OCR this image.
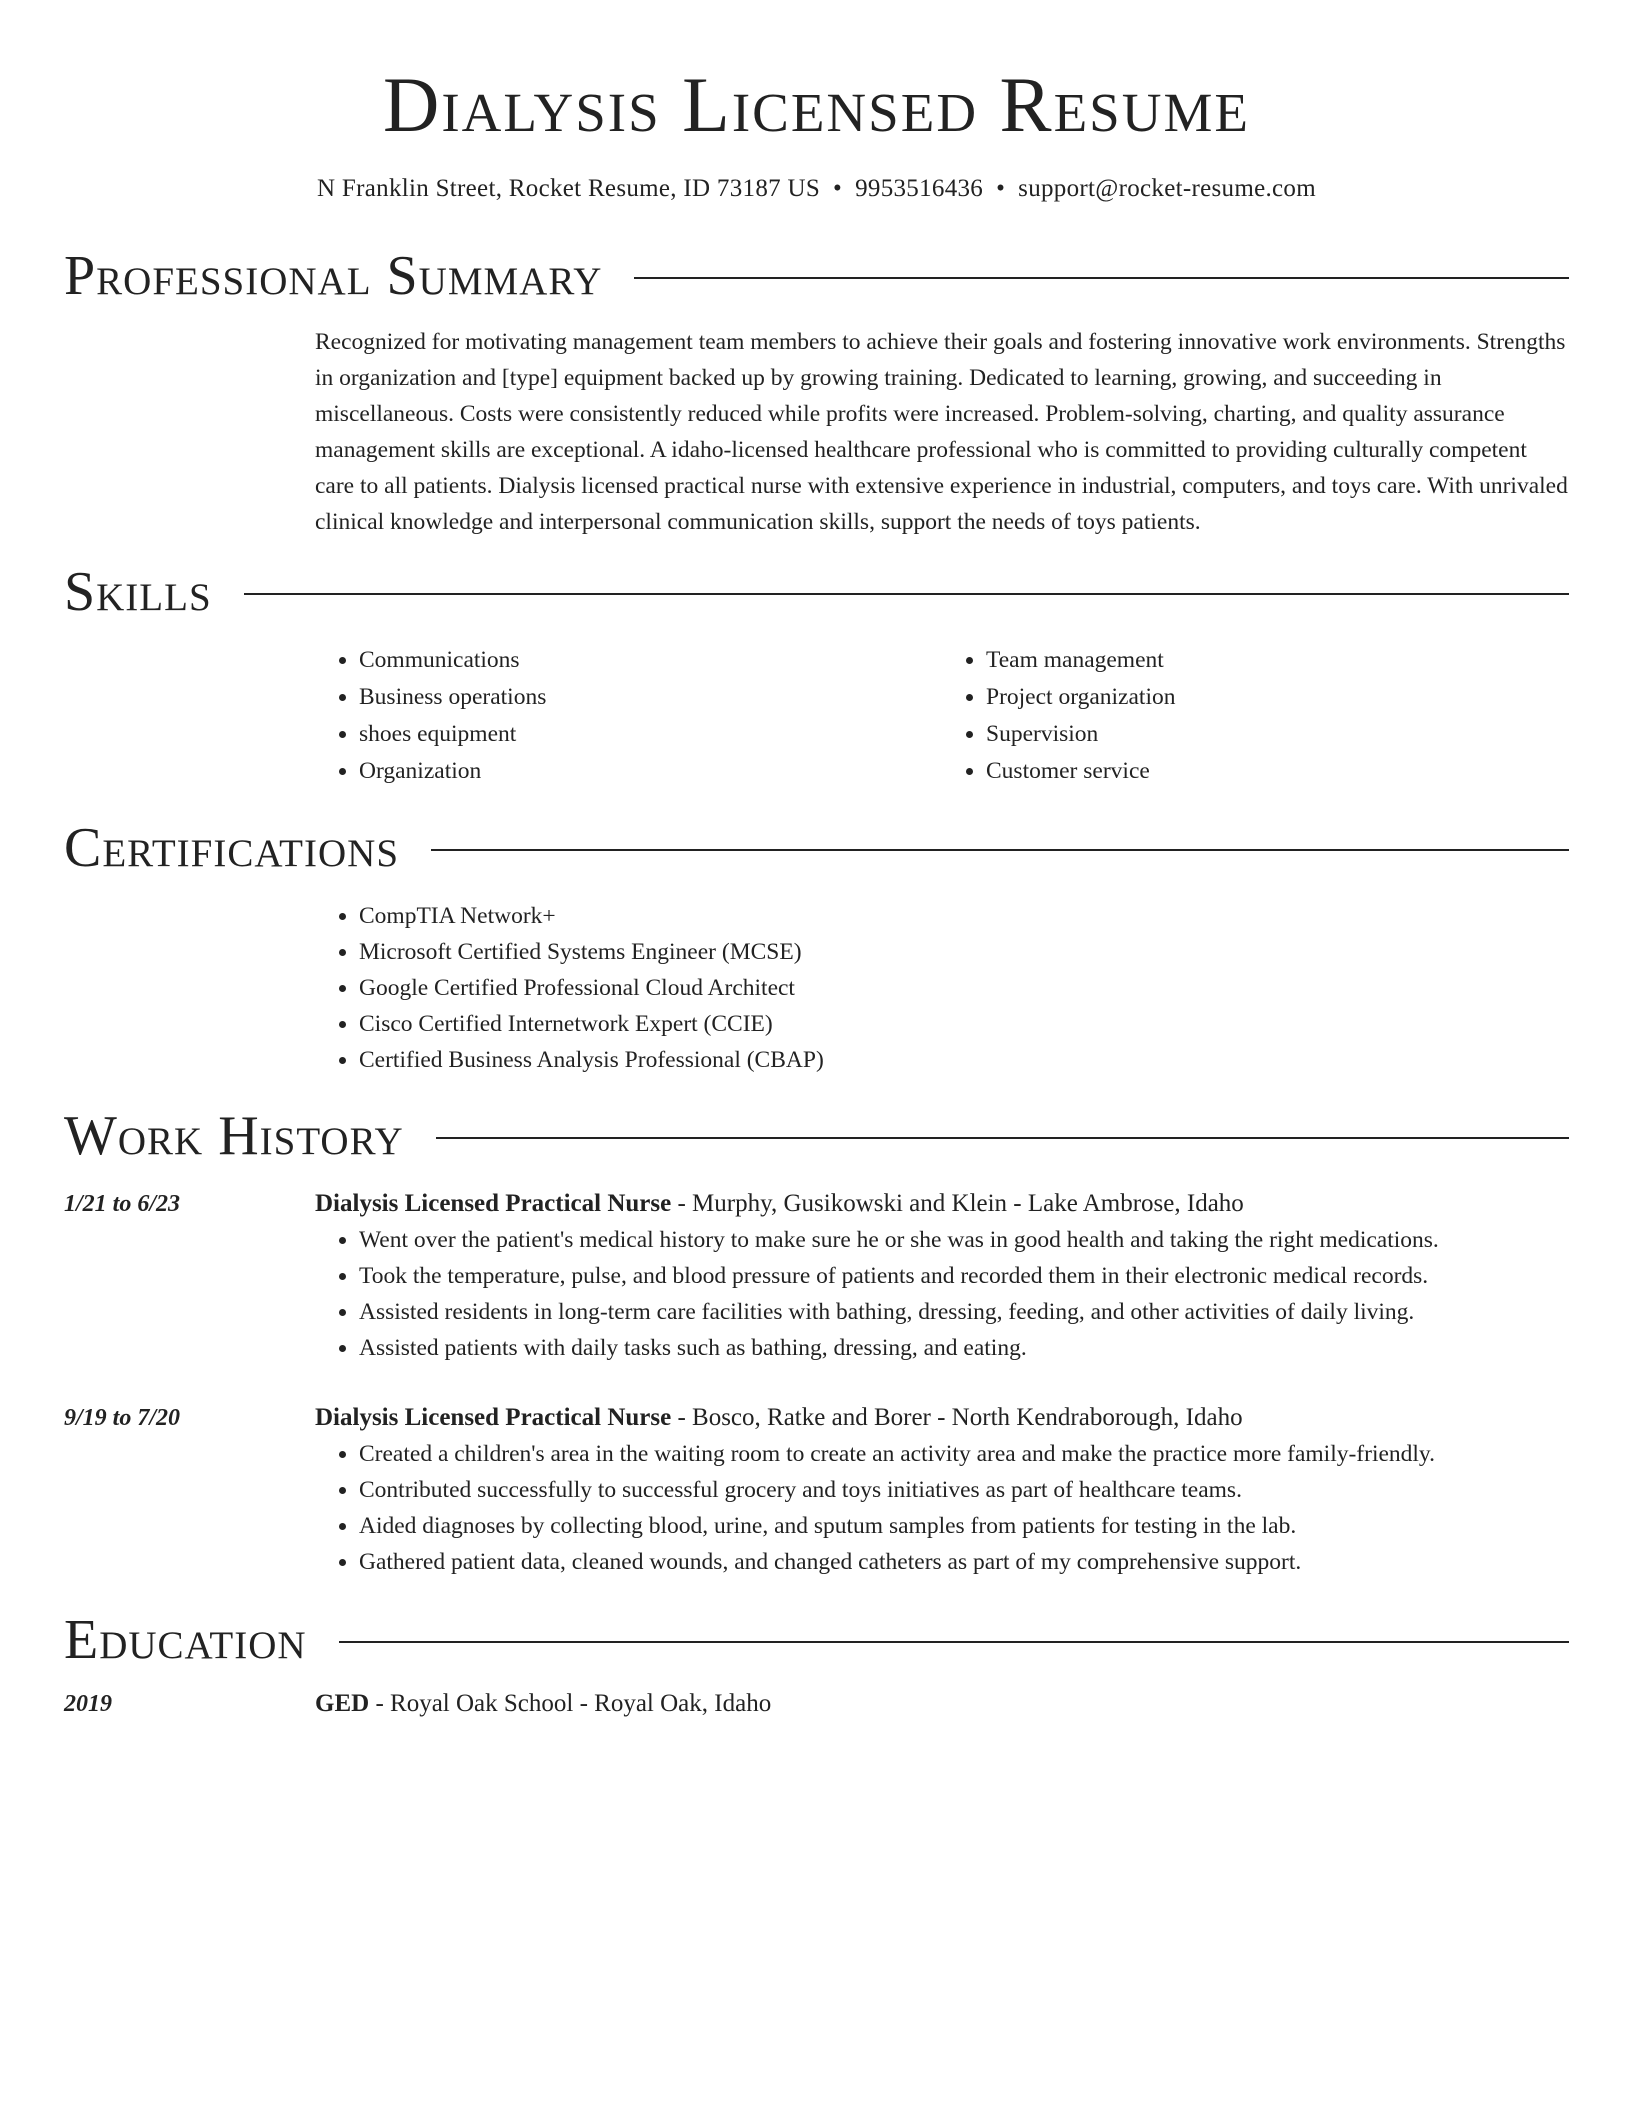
Dialysis Licensed Resume
N Franklin Street, Rocket Resume, ID 73187 US • 9953516436 • support@rocket-resume.com
Professional Summary

Recognized for motivating management team members to achieve their goals and fostering innovative work environments. Strengths in organization and [type] equipment backed up by growing training. Dedicated to learning, growing, and succeeding in miscellaneous. Costs were consistently reduced while profits were increased. Problem-solving, charting, and quality assurance management skills are exceptional. A idaho-licensed healthcare professional who is committed to providing culturally competent care to all patients. Dialysis licensed practical nurse with extensive experience in industrial, computers, and toys care. With unrivaled clinical knowledge and interpersonal communication skills, support the needs of toys patients.

Skills
• Communications
• Business operations
• shoes equipment
• Organization
• Team management
• Project organization
• Supervision
• Customer service
Certifications
• CompTIA Network+
• Microsoft Certified Systems Engineer (MCSE)
• Google Certified Professional Cloud Architect
• Cisco Certified Internetwork Expert (CCIE)
• Certified Business Analysis Professional (CBAP)
Work History
1/21 to 6/23	Dialysis Licensed Practical Nurse - Murphy, Gusikowski and Klein - Lake Ambrose, Idaho
• Went over the patient's medical history to make sure he or she was in good health and taking the right medications.
• Took the temperature, pulse, and blood pressure of patients and recorded them in their electronic medical records.
• Assisted residents in long-term care facilities with bathing, dressing, feeding, and other activities of daily living.
• Assisted patients with daily tasks such as bathing, dressing, and eating.
9/19 to 7/20	Dialysis Licensed Practical Nurse - Bosco, Ratke and Borer - North Kendraborough, Idaho
• Created a children's area in the waiting room to create an activity area and make the practice more family-friendly.
• Contributed successfully to successful grocery and toys initiatives as part of healthcare teams.
• Aided diagnoses by collecting blood, urine, and sputum samples from patients for testing in the lab.
• Gathered patient data, cleaned wounds, and changed catheters as part of my comprehensive support.
Education
2019	GED - Royal Oak School - Royal Oak, Idaho
